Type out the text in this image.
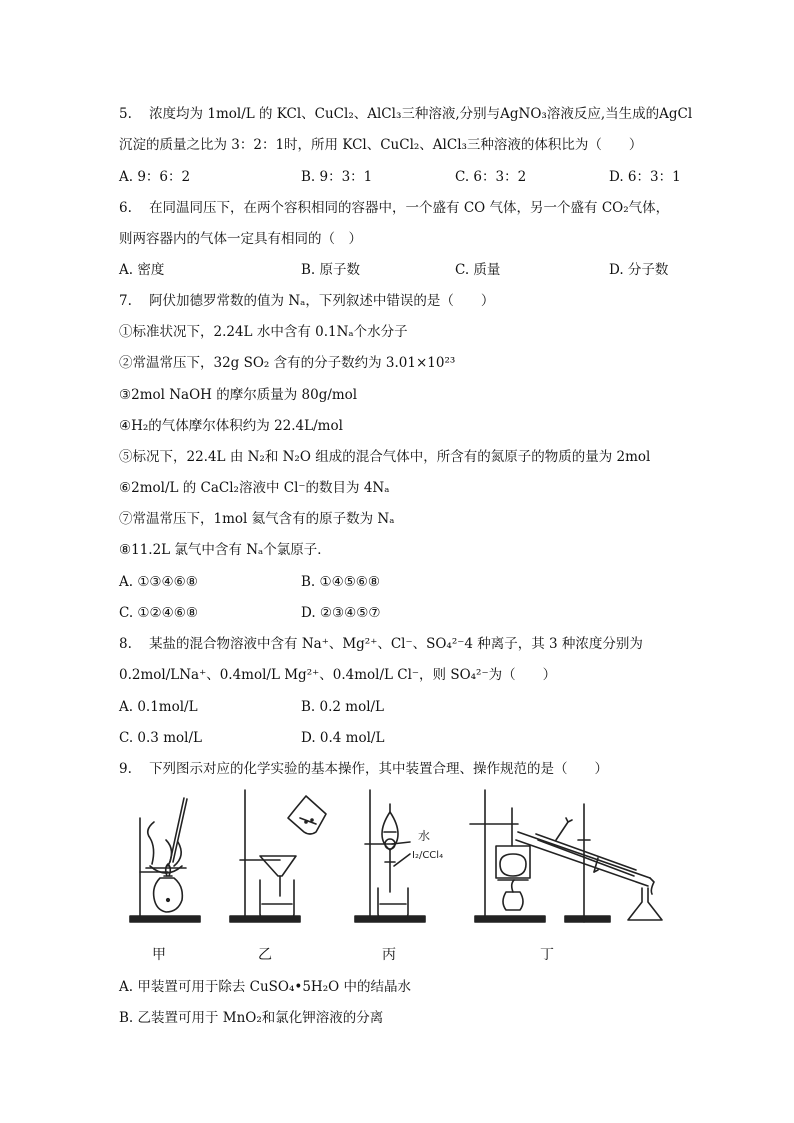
5. 浓度均为 1mol/L 的 KCl、CuCl₂、AlCl₃三种溶液,分别与AgNO₃溶液反应,当生成的AgCl
沉淀的质量之比为 3：2：1时，所用 KCl、CuCl₂、AlCl₃三种溶液的体积比为（　　）
A. 9：6：2	B. 9：3：1	C. 6：3：2	D. 6：3：1
6. 在同温同压下，在两个容积相同的容器中，一个盛有 CO 气体，另一个盛有 CO₂气体，
则两容器内的气体一定具有相同的（　）
A. 密度	B. 原子数	C. 质量	D. 分子数
7. 阿伏加德罗常数的值为 Nₐ，下列叙述中错误的是（　　）
①标准状况下，2.24L 水中含有 0.1Nₐ个水分子
②常温常压下，32g SO₂ 含有的分子数约为 3.01×10²³
③2mol NaOH 的摩尔质量为 80g/mol
④H₂的气体摩尔体积约为 22.4L/mol
⑤标况下，22.4L 由 N₂和 N₂O 组成的混合气体中，所含有的氮原子的物质的量为 2mol
⑥2mol/L 的 CaCl₂溶液中 Cl⁻的数目为 4Nₐ
⑦常温常压下，1mol 氦气含有的原子数为 Nₐ
⑧11.2L 氯气中含有 Nₐ个氯原子．
A. ①③④⑥⑧	B. ①④⑤⑥⑧
C. ①②④⑥⑧	D. ②③④⑤⑦
8. 某盐的混合物溶液中含有 Na⁺、Mg²⁺、Cl⁻、SO₄²⁻4 种离子，其 3 种浓度分别为
0.2mol/LNa⁺、0.4mol/L Mg²⁺、0.4mol/L Cl⁻，则 SO₄²⁻为（　　）
A. 0.1mol/L	B. 0.2 mol/L
C. 0.3 mol/L	D. 0.4 mol/L
9. 下列图示对应的化学实验的基本操作，其中装置合理、操作规范的是（　　）
水
I₂/CCl₄
甲	乙	丙	丁
A. 甲装置可用于除去 CuSO₄•5H₂O 中的结晶水
B. 乙装置可用于 MnO₂和氯化钾溶液的分离
